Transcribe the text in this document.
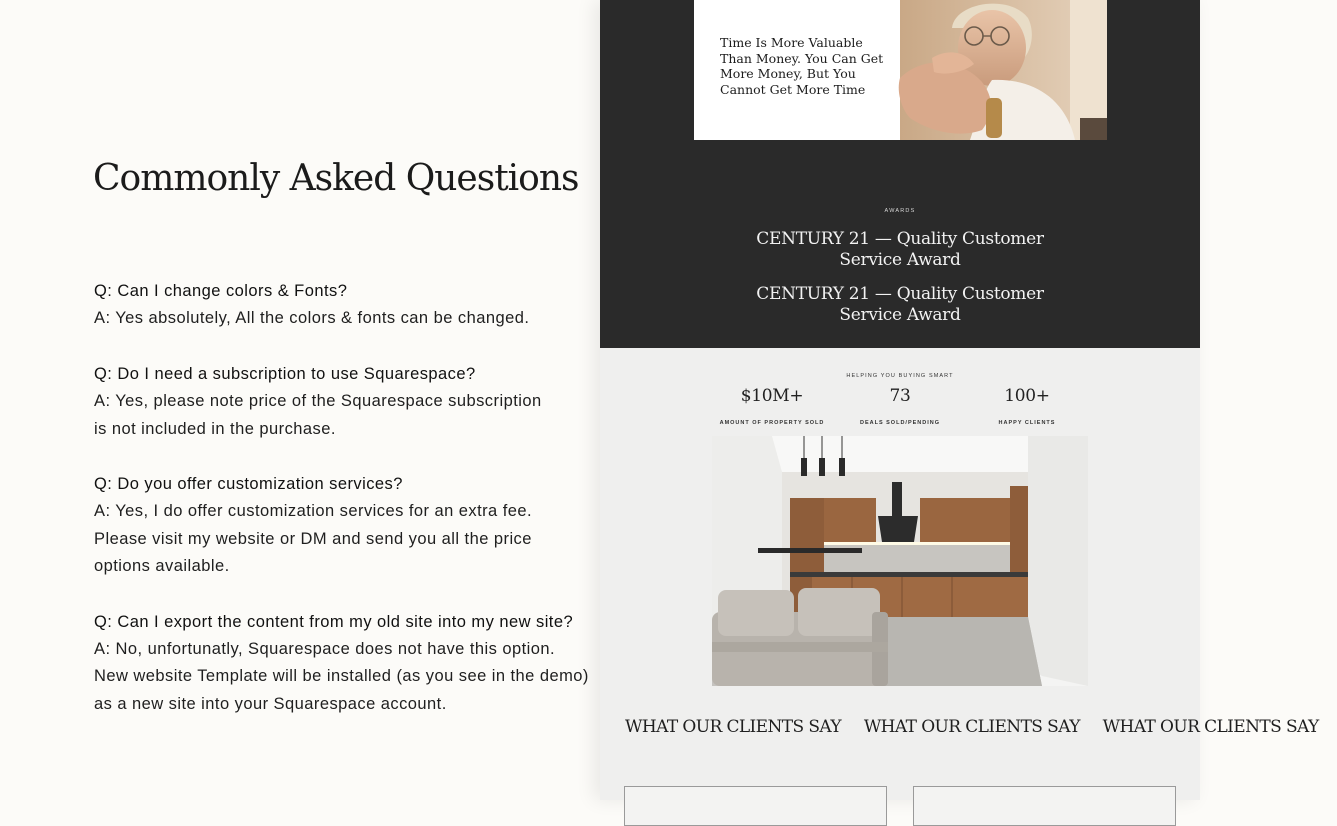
Commonly Asked Questions
Q: Can I change colors & Fonts?
A: Yes absolutely, All the colors & fonts can be changed.
Q: Do I need a subscription to use Squarespace?
A: Yes, please note price of the Squarespace subscription
is not included in the purchase.
Q: Do you offer customization services?
A: Yes, I do offer customization services for an extra fee.
Please visit my website or DM and send you all the price
options available.
Q: Can I export the content from my old site into my new site?
A: No, unfortunatly, Squarespace does not have this option.
New website Template will be installed (as you see in the demo)
as a new site into your Squarespace account.
Time Is More Valuable Than Money. You Can Get More Money, But You Cannot Get More Time
AWARDS
CENTURY 21 — Quality Customer
Service Award
CENTURY 21 — Quality Customer
Service Award
HELPING YOU BUYING SMART
$10M+
AMOUNT OF PROPERTY SOLD
73
DEALS SOLD/PENDING
100+
HAPPY CLIENTS
WHAT OUR CLIENTS SAY WHAT OUR CLIENTS SAY WHAT OUR CLIENTS SAY
